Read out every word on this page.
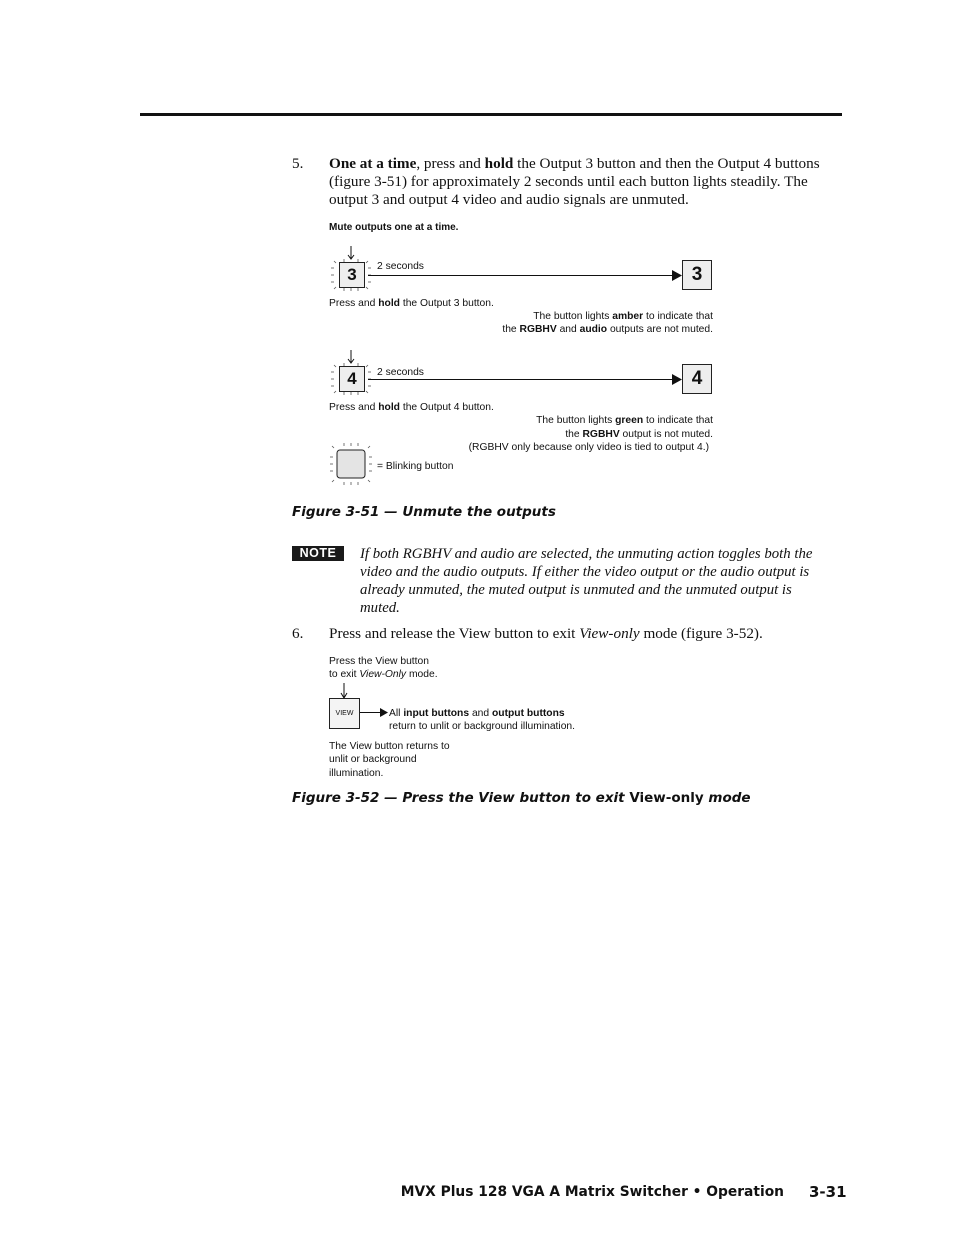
5. One at a time, press and hold the Output 3 button and then the Output 4 buttons (figure 3-51) for approximately 2 seconds until each button lights steadily. The output 3 and output 4 video and audio signals are unmuted.
Mute outputs one at a time.
3	2 seconds	3
Press and hold the Output 3 button.
The button lights amber to indicate that
the RGBHV and audio outputs are not muted.
4	2 seconds	4
Press and hold the Output 4 button.
The button lights green to indicate that
the RGBHV output is not muted.
(RGBHV only because only video is tied to output 4.)
= Blinking button
Figure 3-51 — Unmute the outputs
NOTE	If both RGBHV and audio are selected, the unmuting action toggles both the video and the audio outputs. If either the video output or the audio output is already unmuted, the muted output is unmuted and the unmuted output is muted.
6. Press and release the View button to exit View-only mode (figure 3-52).
Press the View button
to exit View-Only mode.
VIEW	All input buttons and output buttons
return to unlit or background illumination.
The View button returns to
unlit or background
illumination.
Figure 3-52 — Press the View button to exit View-only mode
MVX Plus 128 VGA A Matrix Switcher • Operation 3-31
